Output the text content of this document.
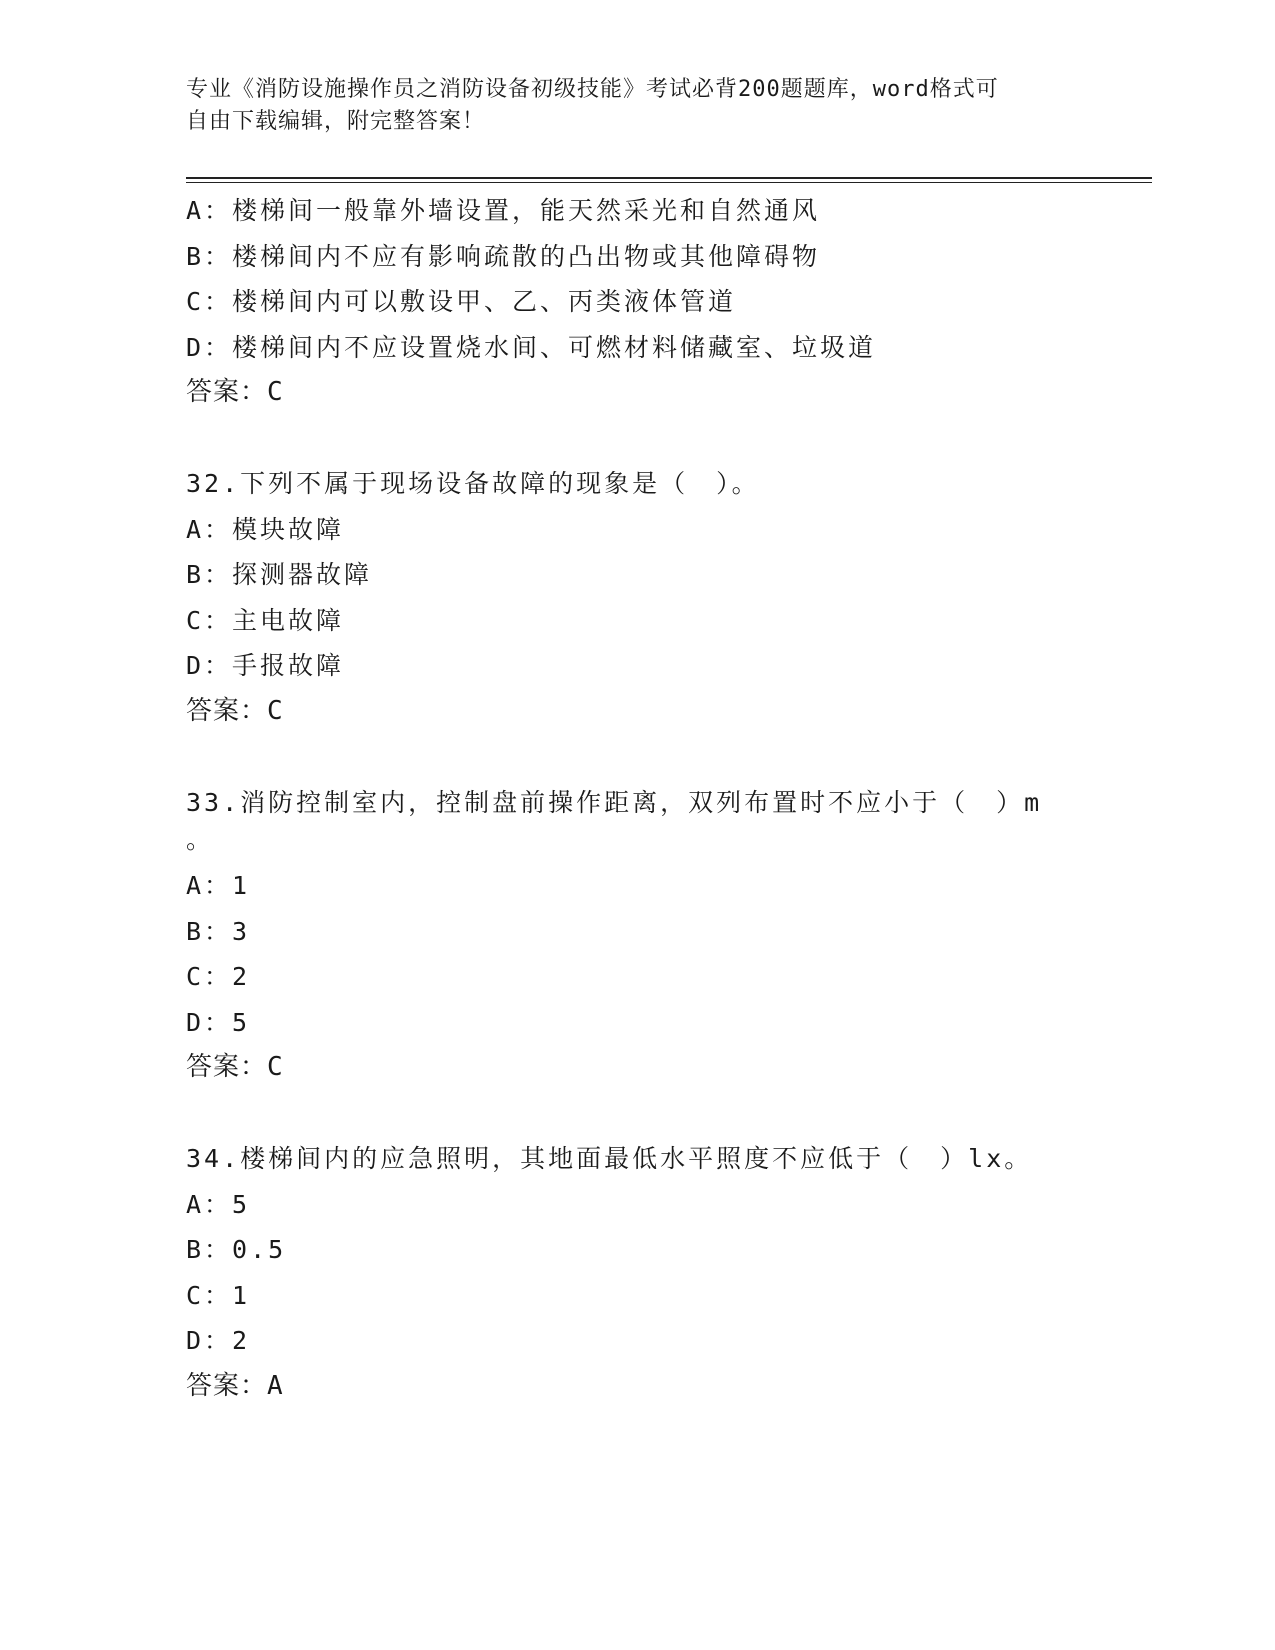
专业《消防设施操作员之消防设备初级技能》考试必背200题题库，word格式可
自由下载编辑，附完整答案！
A：楼梯间一般靠外墙设置，能天然采光和自然通风
B：楼梯间内不应有影响疏散的凸出物或其他障碍物
C：楼梯间内可以敷设甲、乙、丙类液体管道
D：楼梯间内不应设置烧水间、可燃材料储藏室、垃圾道
答案：C
32.下列不属于现场设备故障的现象是（　）。
A：模块故障
B：探测器故障
C：主电故障
D：手报故障
答案：C
33.消防控制室内，控制盘前操作距离，双列布置时不应小于（　）m
。
A：1
B：3
C：2
D：5
答案：C
34.楼梯间内的应急照明，其地面最低水平照度不应低于（　）lx。
A：5
B：0.5
C：1
D：2
答案：A
